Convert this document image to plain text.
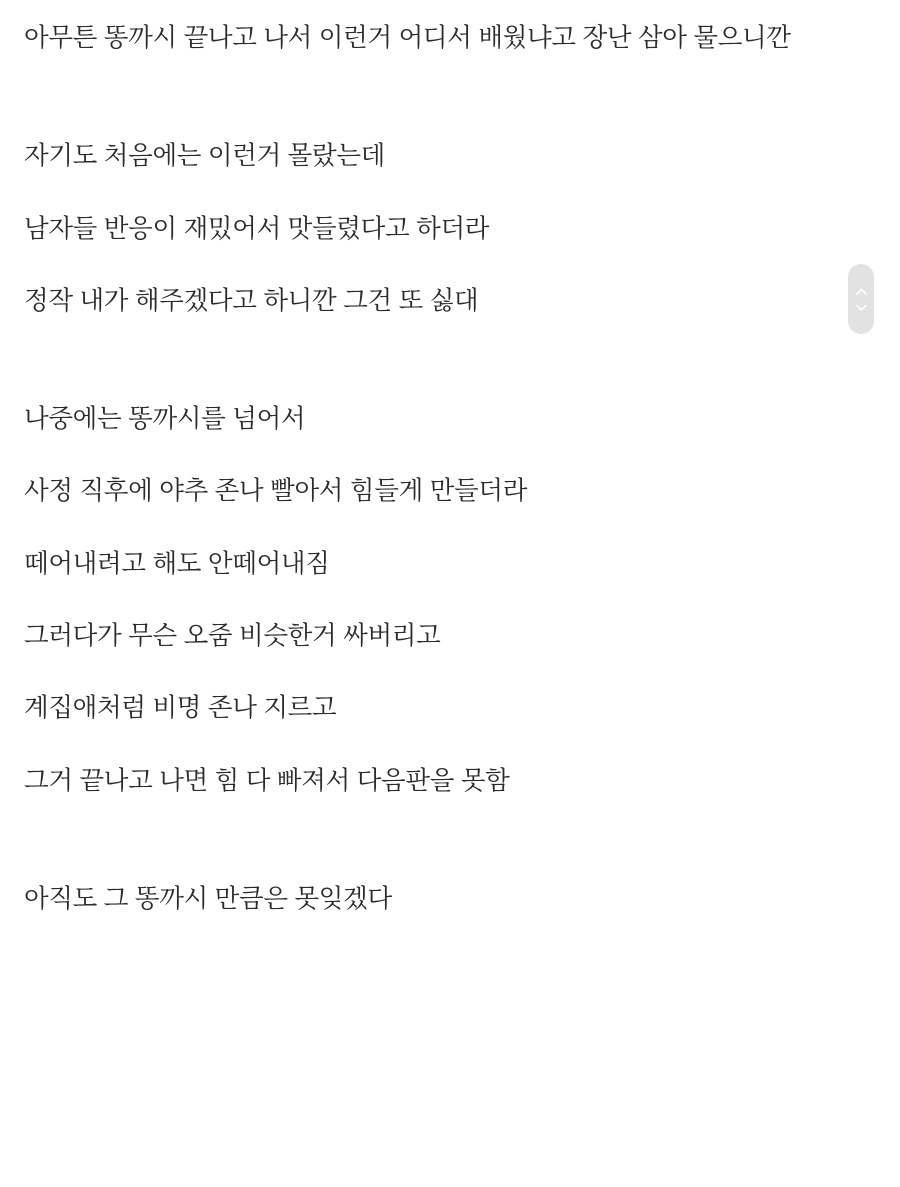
아무튼 똥까시 끝나고 나서 이런거 어디서 배웠냐고 장난 삼아 물으니깐

자기도 처음에는 이런거 몰랐는데

남자들 반응이 재밌어서 맛들렸다고 하더라

정작 내가 해주겠다고 하니깐 그건 또 싫대

나중에는 똥까시를 넘어서

사정 직후에 야추 존나 빨아서 힘들게 만들더라

떼어내려고 해도 안떼어내짐

그러다가 무슨 오줌 비슷한거 싸버리고

계집애처럼 비명 존나 지르고

그거 끝나고 나면 힘 다 빠져서 다음판을 못함

아직도 그 똥까시 만큼은 못잊겠다
